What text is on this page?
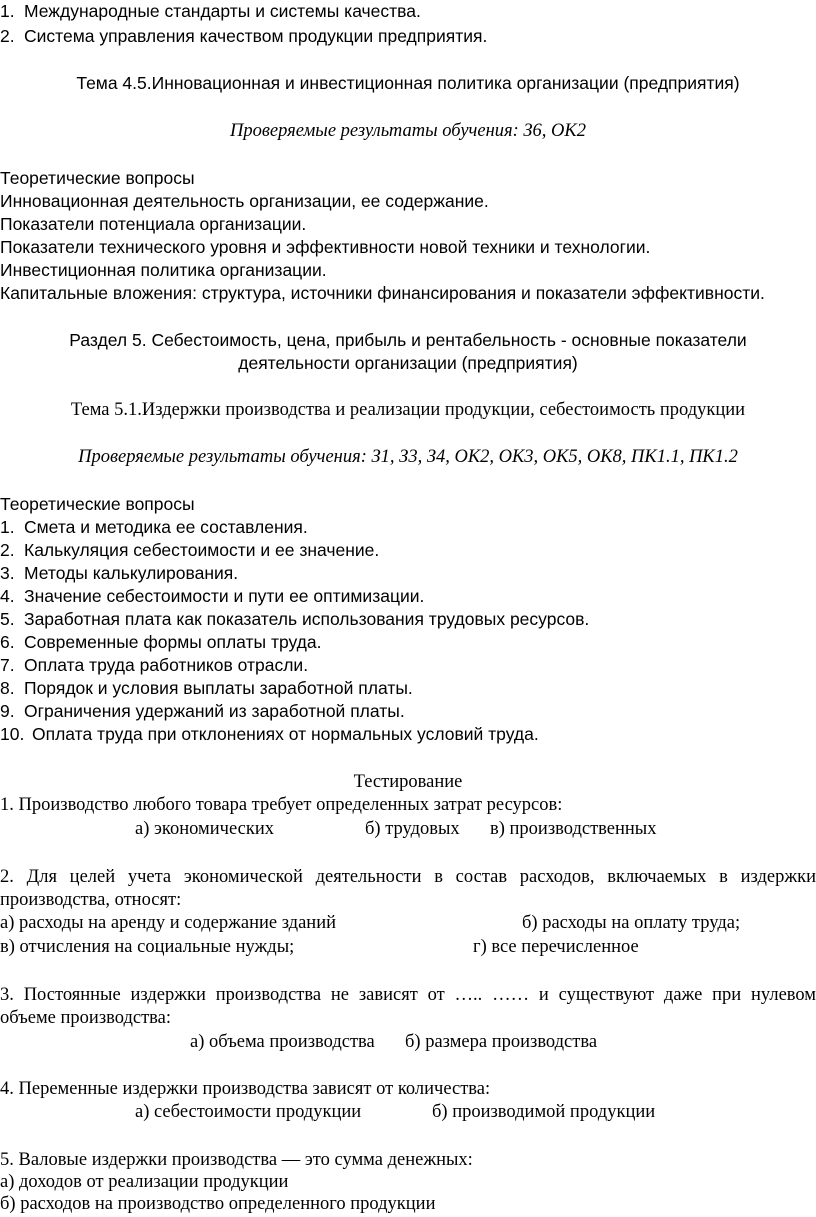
1. Международные стандарты и системы качества.
2. Система управления качеством продукции предприятия.
Тема 4.5.Инновационная и инвестиционная политика организации (предприятия)
Проверяемые результаты обучения: З6, ОК2
Теоретические вопросы
Инновационная деятельность организации, ее содержание.
Показатели потенциала организации.
Показатели технического уровня и эффективности новой техники и технологии.
Инвестиционная политика организации.
Капитальные вложения: структура, источники финансирования и показатели эффективности.
Раздел 5. Себестоимость, цена, прибыль и рентабельность - основные показатели
деятельности организации (предприятия)
Тема 5.1.Издержки производства и реализации продукции, себестоимость продукции
Проверяемые результаты обучения: З1, З3, З4, ОК2, ОК3, ОК5, ОК8, ПК1.1, ПК1.2
Теоретические вопросы
1. Смета и методика ее составления.
2. Калькуляция себестоимости и ее значение.
3. Методы калькулирования.
4. Значение себестоимости и пути ее оптимизации.
5. Заработная плата как показатель использования трудовых ресурсов.
6. Современные формы оплаты труда.
7. Оплата труда работников отрасли.
8. Порядок и условия выплаты заработной платы.
9. Ограничения удержаний из заработной платы.
10. Оплата труда при отклонениях от нормальных условий труда.
Тестирование
1. Производство любого товара требует определенных затрат ресурсов:
а) экономических	б) трудовых в) производственных
2. Для целей учета экономической деятельности в состав расходов, включаемых в издержки
производства, относят:
а) расходы на аренду и содержание зданий	б) расходы на оплату труда;
в) отчисления на социальные нужды;	г) все перечисленное
3. Постоянные издержки производства не зависят от ….. …… и существуют даже при нулевом
объеме производства:
а) объема производства б) размера производства
4. Переменные издержки производства зависят от количества:
а) себестоимости продукции	б) производимой продукции
5. Валовые издержки производства — это сумма денежных:
а) доходов от реализации продукции
б) расходов на производство определенного продукции
